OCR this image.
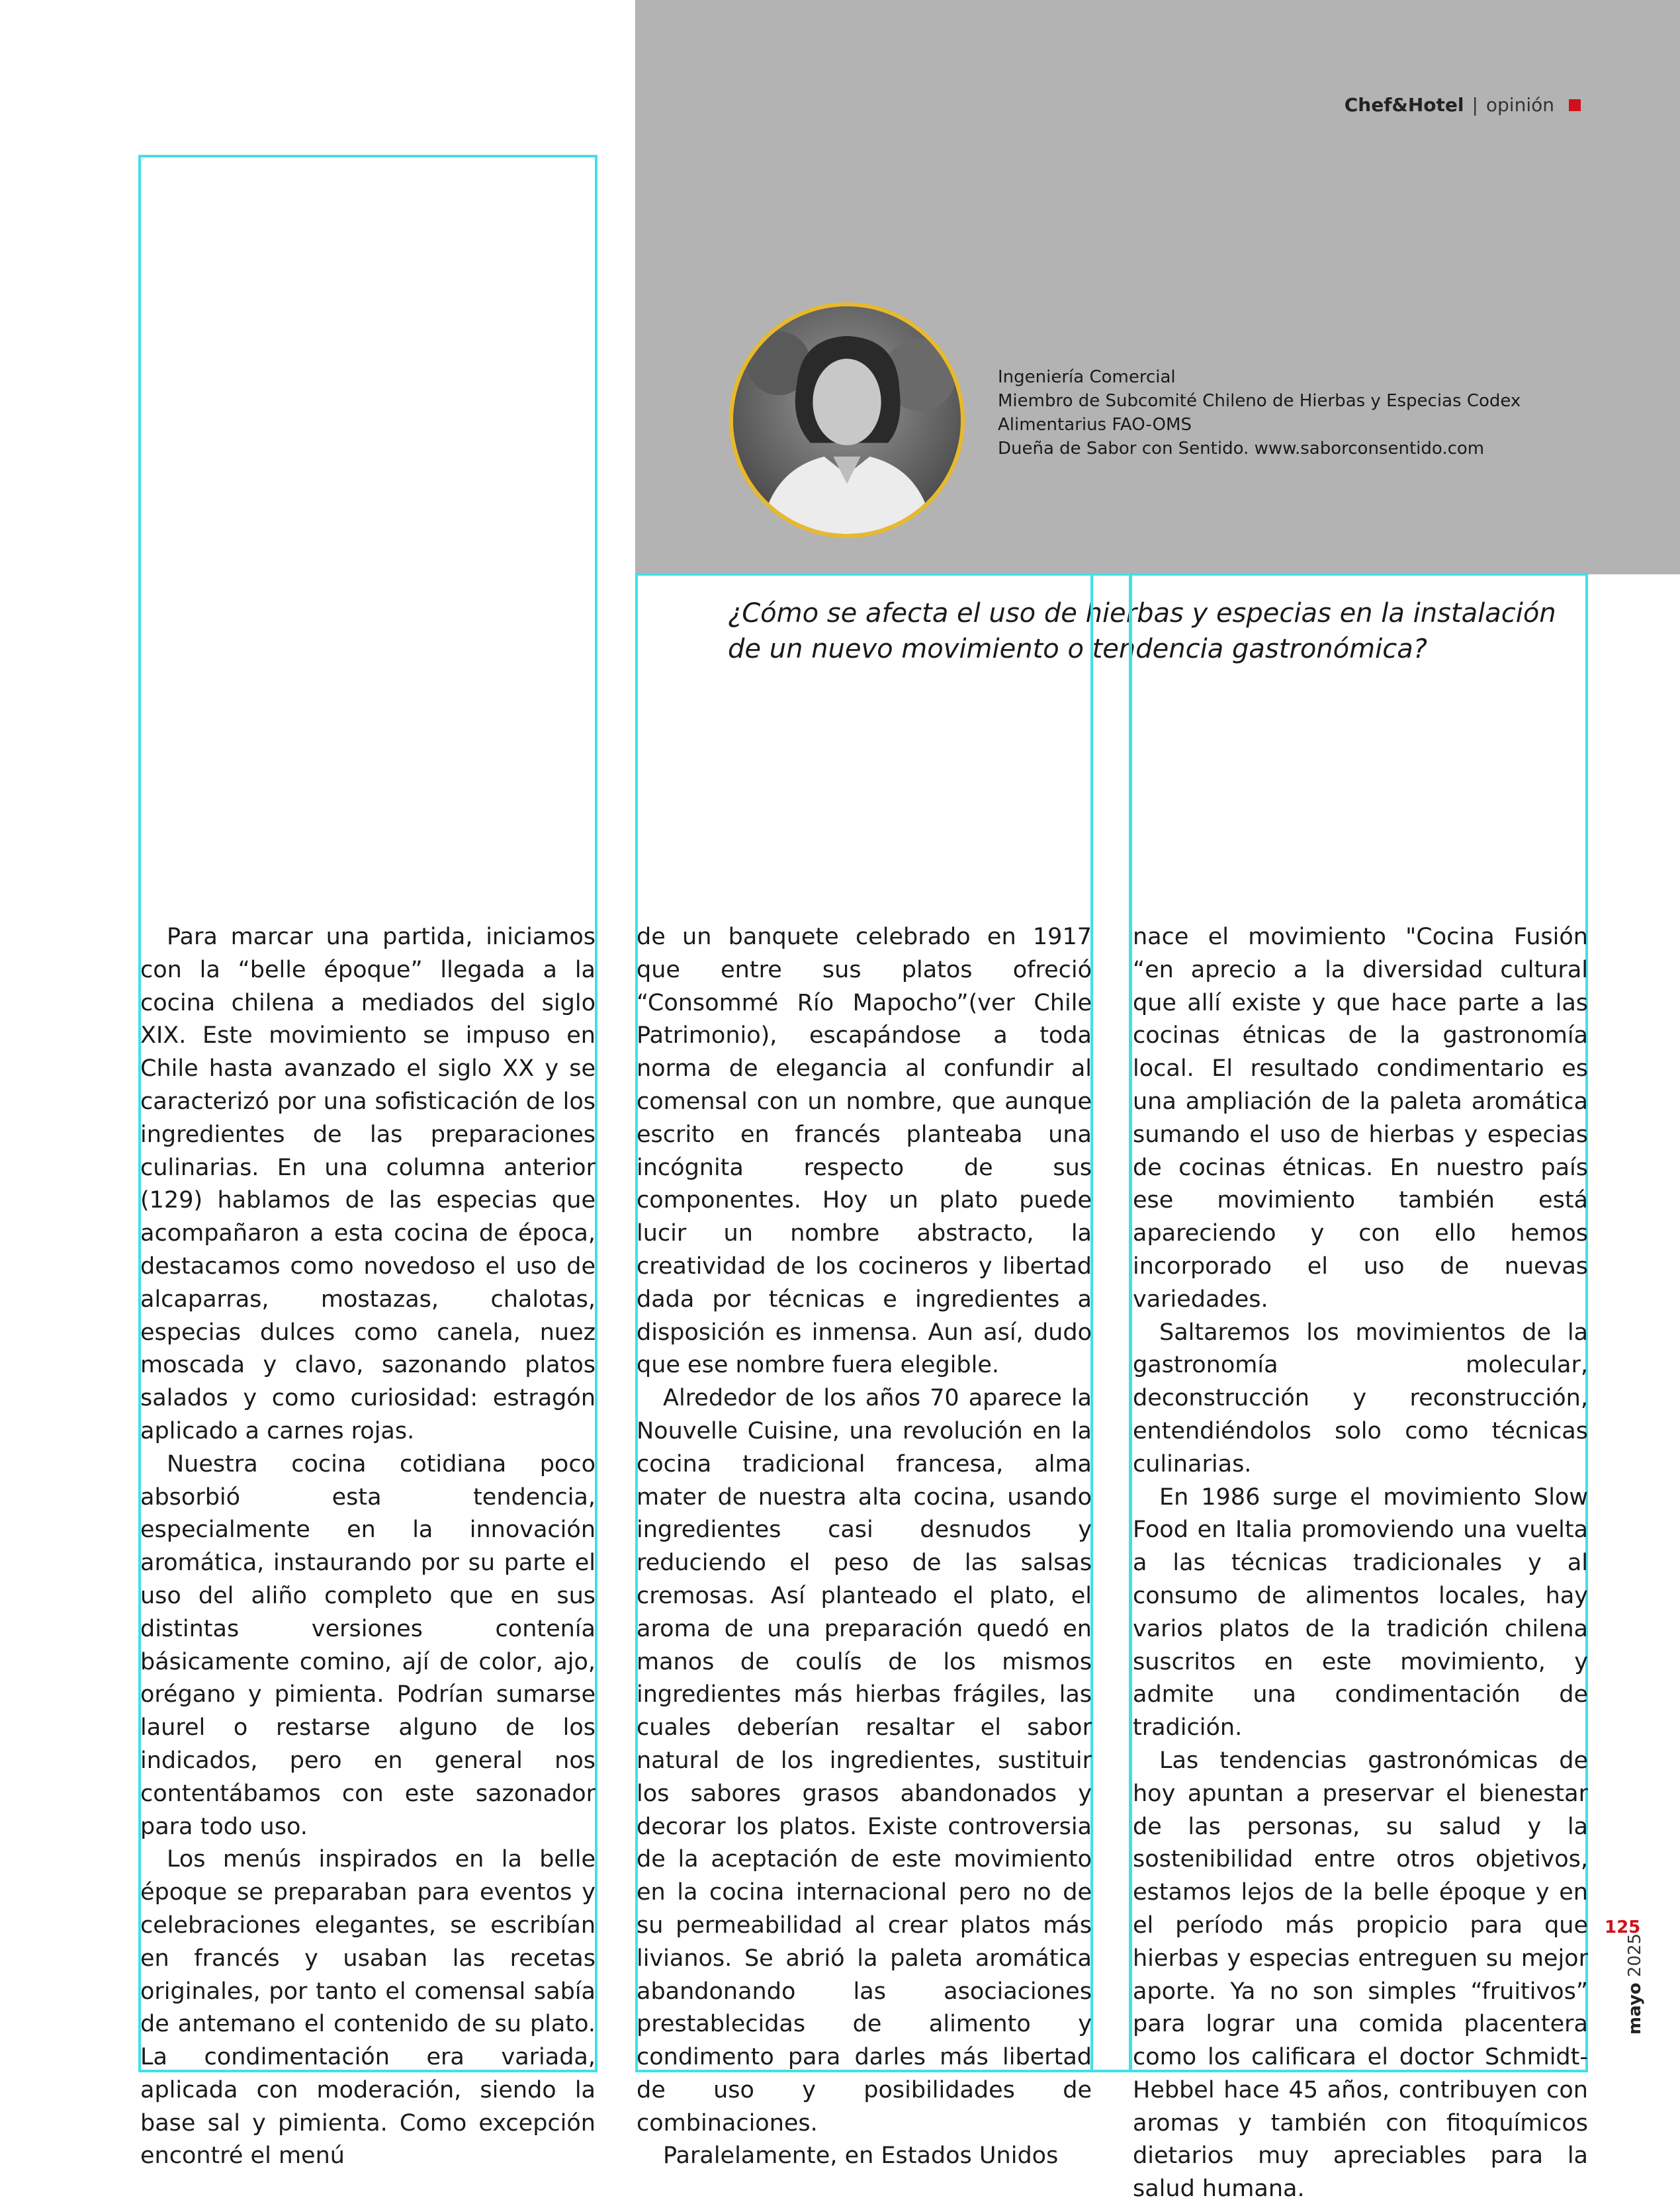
Chef&Hotel | opinión
Ingeniería Comercial
Miembro de Subcomité Chileno de Hierbas y Especias Codex
Alimentarius FAO-OMS
Dueña de Sabor con Sentido. www.saborconsentido.com
¿Cómo se afecta el uso de hierbas y especias en la instalación de un nuevo movimiento o tendencia gastronómica?

Para marcar una partida, iniciamos con la “belle époque” llegada a la cocina chilena a mediados del siglo XIX. Este movimiento se impuso en Chile hasta avanzado el siglo XX y se caracterizó por una sofisticación de los ingredientes de las preparaciones culinarias. En una columna anterior (129) hablamos de las especias que acompañaron a esta cocina de época, destacamos como novedoso el uso de alcaparras, mostazas, chalotas, especias dulces como canela, nuez moscada y clavo, sazonando platos salados y como curiosidad: estragón aplicado a carnes rojas.

Nuestra cocina cotidiana poco absorbió esta tendencia, especialmente en la innovación aromática, instaurando por su parte el uso del aliño completo que en sus distintas versiones contenía básicamente comino, ají de color, ajo, orégano y pimienta. Podrían sumarse laurel o restarse alguno de los indicados, pero en general nos contentábamos con este sazonador para todo uso.

Los menús inspirados en la belle époque se preparaban para eventos y celebraciones elegantes, se escribían en francés y usaban las recetas originales, por tanto el comensal sabía de antemano el contenido de su plato. La condimentación era variada, aplicada con moderación, siendo la base sal y pimienta. Como excepción encontré el menú

de un banquete celebrado en 1917 que entre sus platos ofreció “Consommé Río Mapocho”(ver Chile Patrimonio), escapándose a toda norma de elegancia al confundir al comensal con un nombre, que aunque escrito en francés planteaba una incógnita respecto de sus componentes. Hoy un plato puede lucir un nombre abstracto, la creatividad de los cocineros y libertad dada por técnicas e ingredientes a disposición es inmensa. Aun así, dudo que ese nombre fuera elegible.

Alrededor de los años 70 aparece la Nouvelle Cuisine, una revolución en la cocina tradicional francesa, alma mater de nuestra alta cocina, usando ingredientes casi desnudos y reduciendo el peso de las salsas cremosas. Así planteado el plato, el aroma de una preparación quedó en manos de coulís de los mismos ingredientes más hierbas frágiles, las cuales deberían resaltar el sabor natural de los ingredientes, sustituir los sabores grasos abandonados y decorar los platos. Existe controversia de la aceptación de este movimiento en la cocina internacional pero no de su permeabilidad al crear platos más livianos. Se abrió la paleta aromática abandonando las asociaciones prestablecidas de alimento y condimento para darles más libertad de uso y posibilidades de combinaciones.

Paralelamente, en Estados Unidos

nace el movimiento "Cocina Fusión “en aprecio a la diversidad cultural que allí existe y que hace parte a las cocinas étnicas de la gastronomía local. El resultado condimentario es una ampliación de la paleta aromática sumando el uso de hierbas y especias de cocinas étnicas. En nuestro país ese movimiento también está apareciendo y con ello hemos incorporado el uso de nuevas variedades.

Saltaremos los movimientos de la gastronomía molecular, deconstrucción y reconstrucción, entendiéndolos solo como técnicas culinarias.

En 1986 surge el movimiento Slow Food en Italia promoviendo una vuelta a las técnicas tradicionales y al consumo de alimentos locales, hay varios platos de la tradición chilena suscritos en este movimiento, y admite una condimentación de tradición.

Las tendencias gastronómicas de hoy apuntan a preservar el bienestar de las personas, su salud y la sostenibilidad entre otros objetivos, estamos lejos de la belle époque y en el período más propicio para que hierbas y especias entreguen su mejor aporte. Ya no son simples “fruitivos” para lograr una comida placentera como los calificara el doctor Schmidt-Hebbel hace 45 años, contribuyen con aromas y también con fitoquímicos dietarios muy apreciables para la salud humana.

125
mayo 2025
